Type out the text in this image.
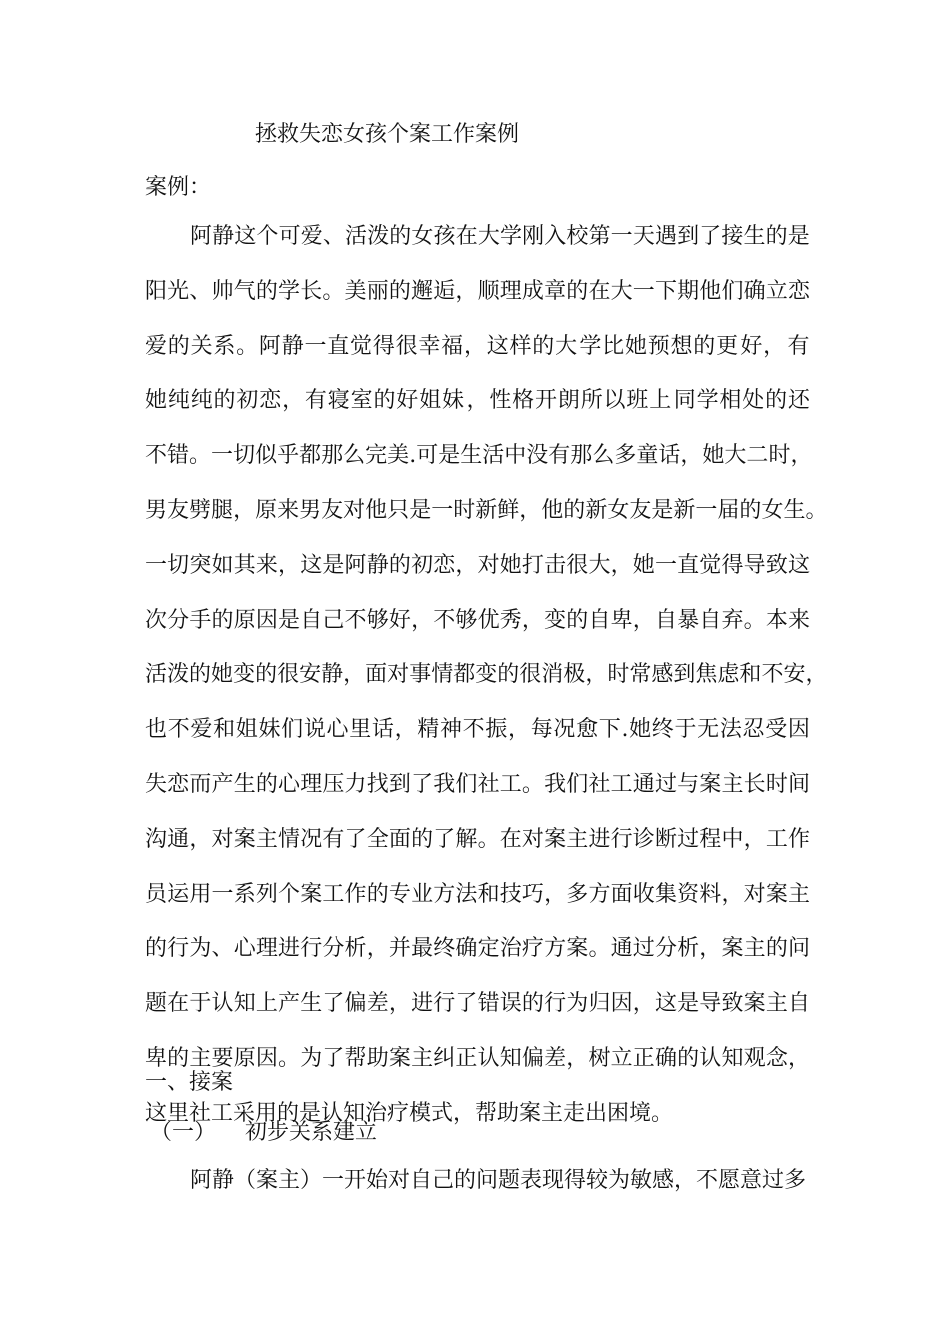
拯救失恋女孩个案工作案例
案例：
阿 静 这 个 可 爱 、 活 泼 的 女 孩 在 大 学 刚 入 校 第 一 天 遇 到 了 接 生 的 是
阳 光 、 帅 气 的 学 长 。 美 丽 的 邂 逅 ， 顺 理 成 章 的 在 大 一 下 期 他 们 确 立 恋
爱 的 关 系 。 阿 静 一 直 觉 得 很 幸 福 ， 这 样 的 大 学 比 她 预 想 的 更 好 ， 有
她 纯 纯 的 初 恋 ， 有 寝 室 的 好 姐 妹 ， 性 格 开 朗 所 以 班 上 同 学 相 处 的 还
不 错 。 一 切 似 乎 都 那 么 完 美 . 可 是 生 活 中 没 有 那 么 多 童 话 ， 她 大 二 时 ，
男 友 劈 腿 ， 原 来 男 友 对 他 只 是 一 时 新 鲜 ， 他 的 新 女 友 是 新 一 届 的 女 生 。
一 切 突 如 其 来 ， 这 是 阿 静 的 初 恋 ， 对 她 打 击 很 大 ， 她 一 直 觉 得 导 致 这
次 分 手 的 原 因 是 自 己 不 够 好 ， 不 够 优 秀 ， 变 的 自 卑 ， 自 暴 自 弃 。 本 来
活 泼 的 她 变 的 很 安 静 ， 面 对 事 情 都 变 的 很 消 极 ， 时 常 感 到 焦 虑 和 不 安 ，
也 不 爱 和 姐 妹 们 说 心 里 话 ， 精 神 不 振 ， 每 况 愈 下 . 她 终 于 无 法 忍 受 因
失 恋 而 产 生 的 心 理 压 力 找 到 了 我 们 社 工 。 我 们 社 工 通 过 与 案 主 长 时 间
沟 通 ， 对 案 主 情 况 有 了 全 面 的 了 解 。 在 对 案 主 进 行 诊 断 过 程 中 ， 工 作
员 运 用 一 系 列 个 案 工 作 的 专 业 方 法 和 技 巧 ， 多 方 面 收 集 资 料 ， 对 案 主
的 行 为 、 心 理 进 行 分 析 ， 并 最 终 确 定 治 疗 方 案 。 通 过 分 析 ， 案 主 的 问
题 在 于 认 知 上 产 生 了 偏 差 ， 进 行 了 错 误 的 行 为 归 因 ， 这 是 导 致 案 主 自
卑 的 主 要 原 因 。 为 了 帮 助 案 主 纠 正 认 知 偏 差 ， 树 立 正 确 的 认 知 观 念 ，
这里社工采用的是认知治疗模式，帮助案主走出困境。
一、接案
（一） 初步关系建立
阿静（案主）一开始对自己的问题表现得较为敏感，不愿意过多
